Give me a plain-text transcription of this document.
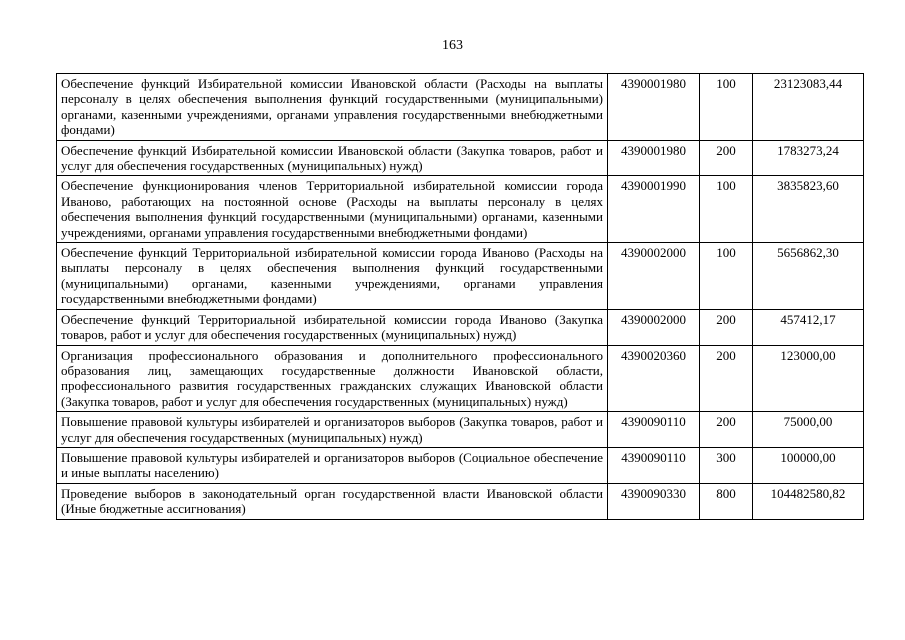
163
Обеспечение функций Избирательной комиссии Ивановской области (Расходы на выплаты персоналу в целях обеспечения выполнения функций государственными (муниципальными) органами, казенными учреждениями, органами управления государственными внебюджетными фондами)	4390001980	100	23123083,44
Обеспечение функций Избирательной комиссии Ивановской области (Закупка товаров, работ и услуг для обеспечения государственных (муниципальных) нужд)	4390001980	200	1783273,24
Обеспечение функционирования членов Территориальной избирательной комиссии города Иваново, работающих на постоянной основе (Расходы на выплаты персоналу в целях обеспечения выполнения функций государственными (муниципальными) органами, казенными учреждениями, органами управления государственными внебюджетными фондами)	4390001990	100	3835823,60
Обеспечение функций Территориальной избирательной комиссии города Иваново (Расходы на выплаты персоналу в целях обеспечения выполнения функций государственными (муниципальными) органами, казенными учреждениями, органами управления государственными внебюджетными фондами)	4390002000	100	5656862,30
Обеспечение функций Территориальной избирательной комиссии города Иваново (Закупка товаров, работ и услуг для обеспечения государственных (муниципальных) нужд)	4390002000	200	457412,17
Организация профессионального образования и дополнительного профессионального образования лиц, замещающих государственные должности Ивановской области, профессионального развития государственных гражданских служащих Ивановской области (Закупка товаров, работ и услуг для обеспечения государственных (муниципальных) нужд)	4390020360	200	123000,00
Повышение правовой культуры избирателей и организаторов выборов (Закупка товаров, работ и услуг для обеспечения государственных (муниципальных) нужд)	4390090110	200	75000,00
Повышение правовой культуры избирателей и организаторов выборов (Социальное обеспечение и иные выплаты населению)	4390090110	300	100000,00
Проведение выборов в законодательный орган государственной власти Ивановской области (Иные бюджетные ассигнования)	4390090330	800	104482580,82
